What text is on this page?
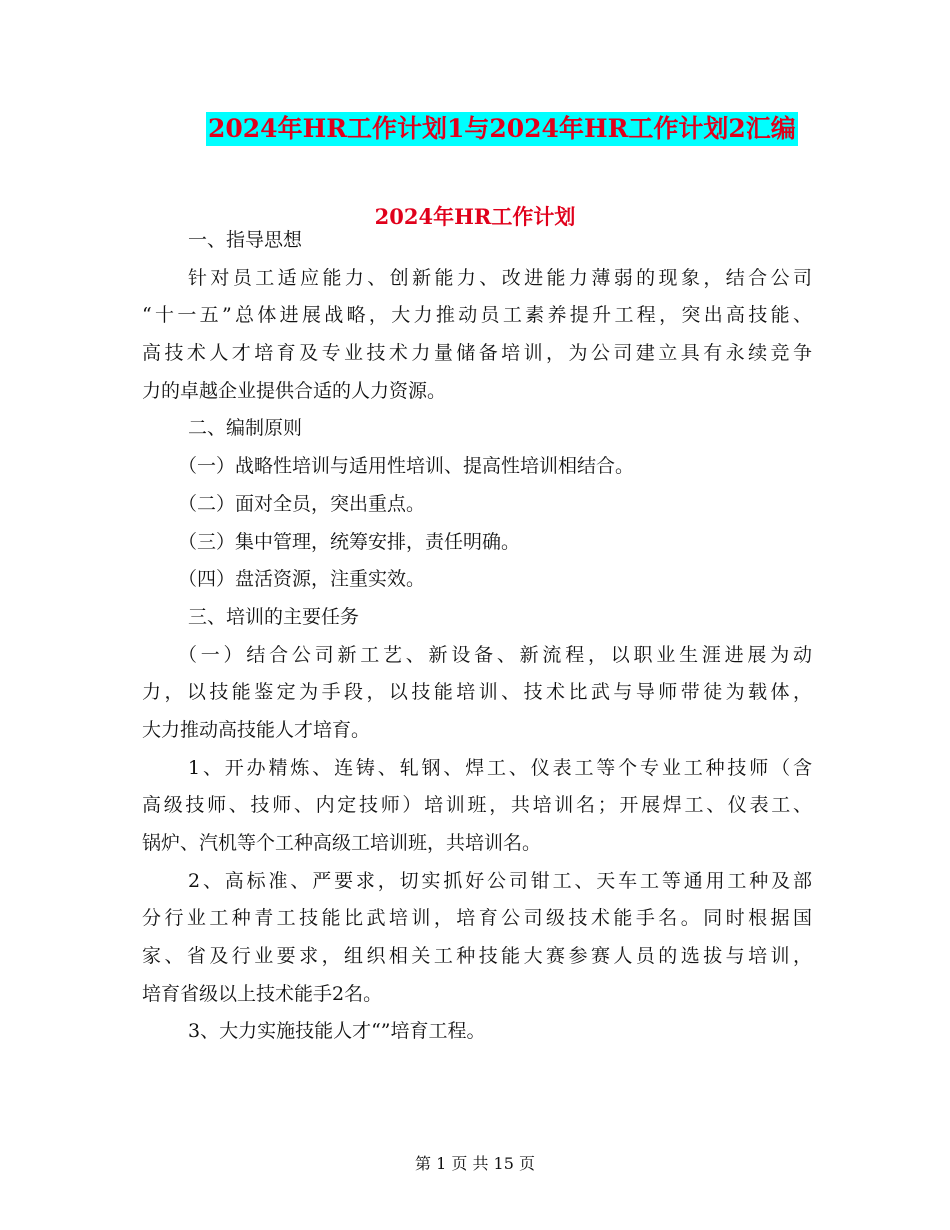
2024年HR工作计划1与2024年HR工作计划2汇编
2024年HR工作计划
一、指导思想
针对员工适应能力、创新能力、改进能力薄弱的现象，结合公司
“十一五”总体进展战略，大力推动员工素养提升工程，突出高技能、
高技术人才培育及专业技术力量储备培训，为公司建立具有永续竞争
力的卓越企业提供合适的人力资源。
二、编制原则
（一）战略性培训与适用性培训、提高性培训相结合。
（二）面对全员，突出重点。
（三）集中管理，统筹安排，责任明确。
（四）盘活资源，注重实效。
三、培训的主要任务
（一）结合公司新工艺、新设备、新流程，以职业生涯进展为动
力，以技能鉴定为手段，以技能培训、技术比武与导师带徒为载体，
大力推动高技能人才培育。
1、开办精炼、连铸、轧钢、焊工、仪表工等个专业工种技师（含
高级技师、技师、内定技师）培训班，共培训名；开展焊工、仪表工、
锅炉、汽机等个工种高级工培训班，共培训名。
2、高标准、严要求，切实抓好公司钳工、天车工等通用工种及部
分行业工种青工技能比武培训，培育公司级技术能手名。同时根据国
家、省及行业要求，组织相关工种技能大赛参赛人员的选拔与培训，
培育省级以上技术能手2名。
3、大力实施技能人才“”培育工程。
第 1 页 共 15 页
